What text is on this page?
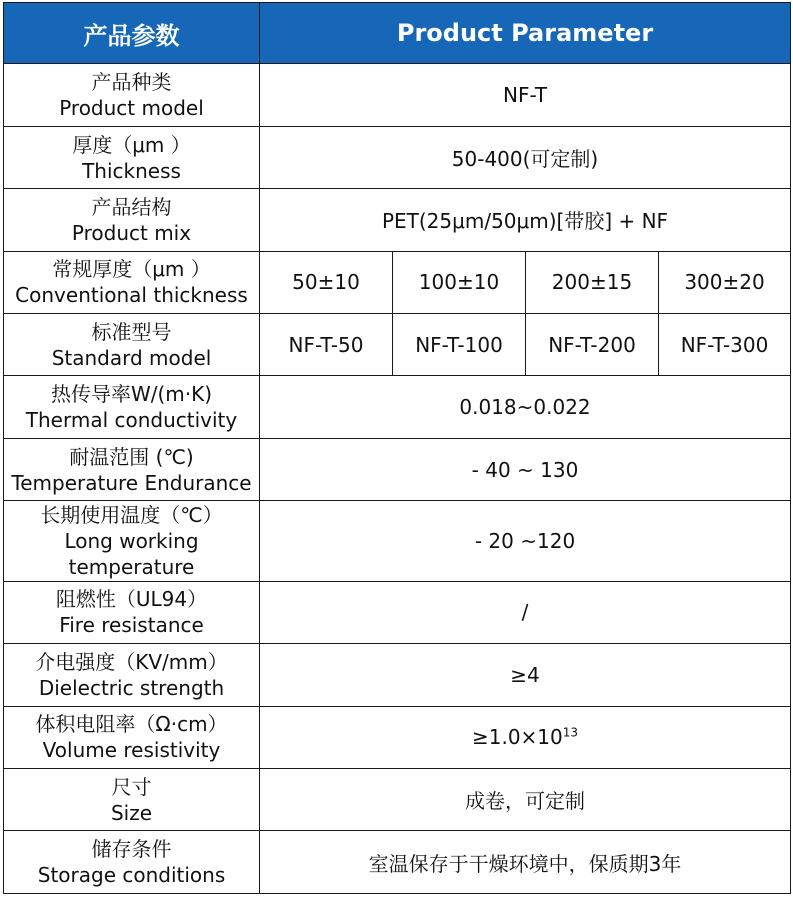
产品参数	Product Parameter			

产品种类
Product model	NF-T			

厚度（μm ）
Thickness	50-400(可定制)			

产品结构
Product mix	PET(25μm/50μm)[带胶] + NF			

常规厚度（μm ）
Conventional thickness	50±10	100±10	200±15	300±20

标准型号
Standard model	NF-T-50	NF-T-100	NF-T-200	NF-T-300

热传导率W/(m·K)
Thermal conductivity	0.018~0.022			

耐温范围 (℃)
Temperature Endurance	- 40 ~ 130			

长期使用温度（℃）
Long working
temperature	- 20 ~120			

阻燃性（UL94）
Fire resistance	/			

介电强度（KV/mm）
Dielectric strength	≥4			

体积电阻率（Ω·cm）
Volume resistivity	$\ge 1.0\times 10^{13}$

尺寸
Size	成卷，可定制			

储存条件
Storage conditions	室温保存于干燥环境中，保质期3年			
